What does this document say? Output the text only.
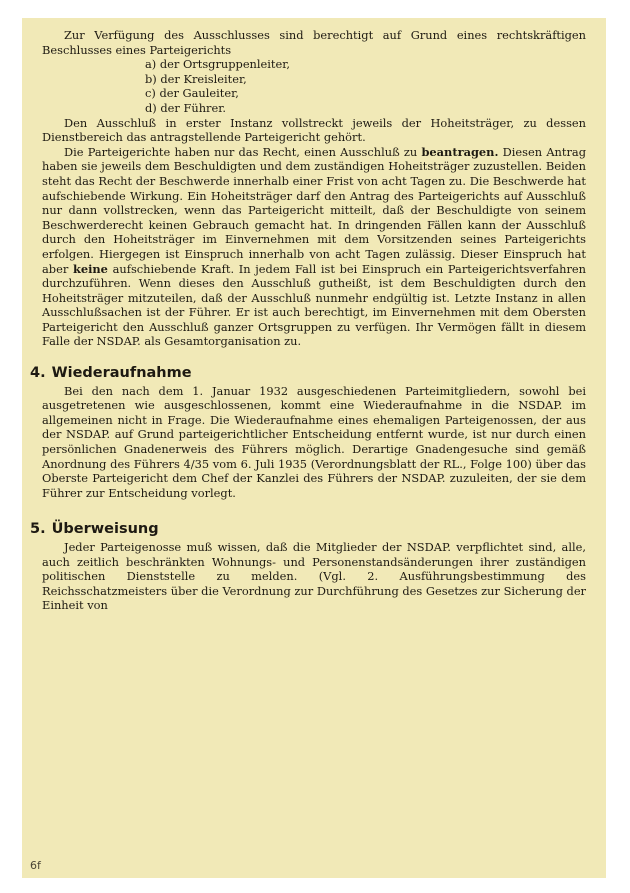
Zur Verfügung des Ausschlusses sind berechtigt auf Grund eines rechtskräftigen Beschlusses eines Parteigerichts

a) der Ortsgruppenleiter,
b) der Kreisleiter,
c) der Gauleiter,
d) der Führer.

Den Ausschluß in erster Instanz vollstreckt jeweils der Hoheitsträger, zu dessen Dienstbereich das antragstellende Parteigericht gehört.

Die Parteigerichte haben nur das Recht, einen Ausschluß zu beantragen. Diesen Antrag haben sie jeweils dem Beschuldigten und dem zuständigen Hoheitsträger zuzustellen. Beiden steht das Recht der Beschwerde innerhalb einer Frist von acht Tagen zu. Die Beschwerde hat aufschiebende Wirkung. Ein Hoheitsträger darf den Antrag des Parteigerichts auf Ausschluß nur dann vollstrecken, wenn das Parteigericht mitteilt, daß der Beschuldigte von seinem Beschwerderecht keinen Gebrauch gemacht hat. In dringenden Fällen kann der Ausschluß durch den Hoheitsträger im Einvernehmen mit dem Vorsitzenden seines Parteigerichts erfolgen. Hiergegen ist Einspruch innerhalb von acht Tagen zulässig. Dieser Einspruch hat aber keine aufschiebende Kraft. In jedem Fall ist bei Einspruch ein Parteigerichtsverfahren durchzuführen. Wenn dieses den Ausschluß gutheißt, ist dem Beschuldigten durch den Hoheitsträger mitzuteilen, daß der Ausschluß nunmehr endgültig ist. Letzte Instanz in allen Ausschlußsachen ist der Führer. Er ist auch berechtigt, im Einvernehmen mit dem Obersten Parteigericht den Ausschluß ganzer Ortsgruppen zu verfügen. Ihr Vermögen fällt in diesem Falle der NSDAP. als Gesamtorganisation zu.

4. Wiederaufnahme

Bei den nach dem 1. Januar 1932 ausgeschiedenen Parteimitgliedern, sowohl bei ausgetretenen wie ausgeschlossenen, kommt eine Wiederaufnahme in die NSDAP. im allgemeinen nicht in Frage. Die Wiederaufnahme eines ehemaligen Parteigenossen, der aus der NSDAP. auf Grund parteigerichtlicher Entscheidung entfernt wurde, ist nur durch einen persönlichen Gnadenerweis des Führers möglich. Derartige Gnadengesuche sind gemäß Anordnung des Führers 4/35 vom 6. Juli 1935 (Verordnungsblatt der RL., Folge 100) über das Oberste Parteigericht dem Chef der Kanzlei des Führers der NSDAP. zuzuleiten, der sie dem Führer zur Entscheidung vorlegt.

5. Überweisung

Jeder Parteigenosse muß wissen, daß die Mitglieder der NSDAP. verpflichtet sind, alle, auch zeitlich beschränkten Wohnungs- und Personenstandsänderungen ihrer zuständigen politischen Dienststelle zu melden. (Vgl. 2. Ausführungsbestimmung des Reichsschatzmeisters über die Verordnung zur Durchführung des Gesetzes zur Sicherung der Einheit von

6f
